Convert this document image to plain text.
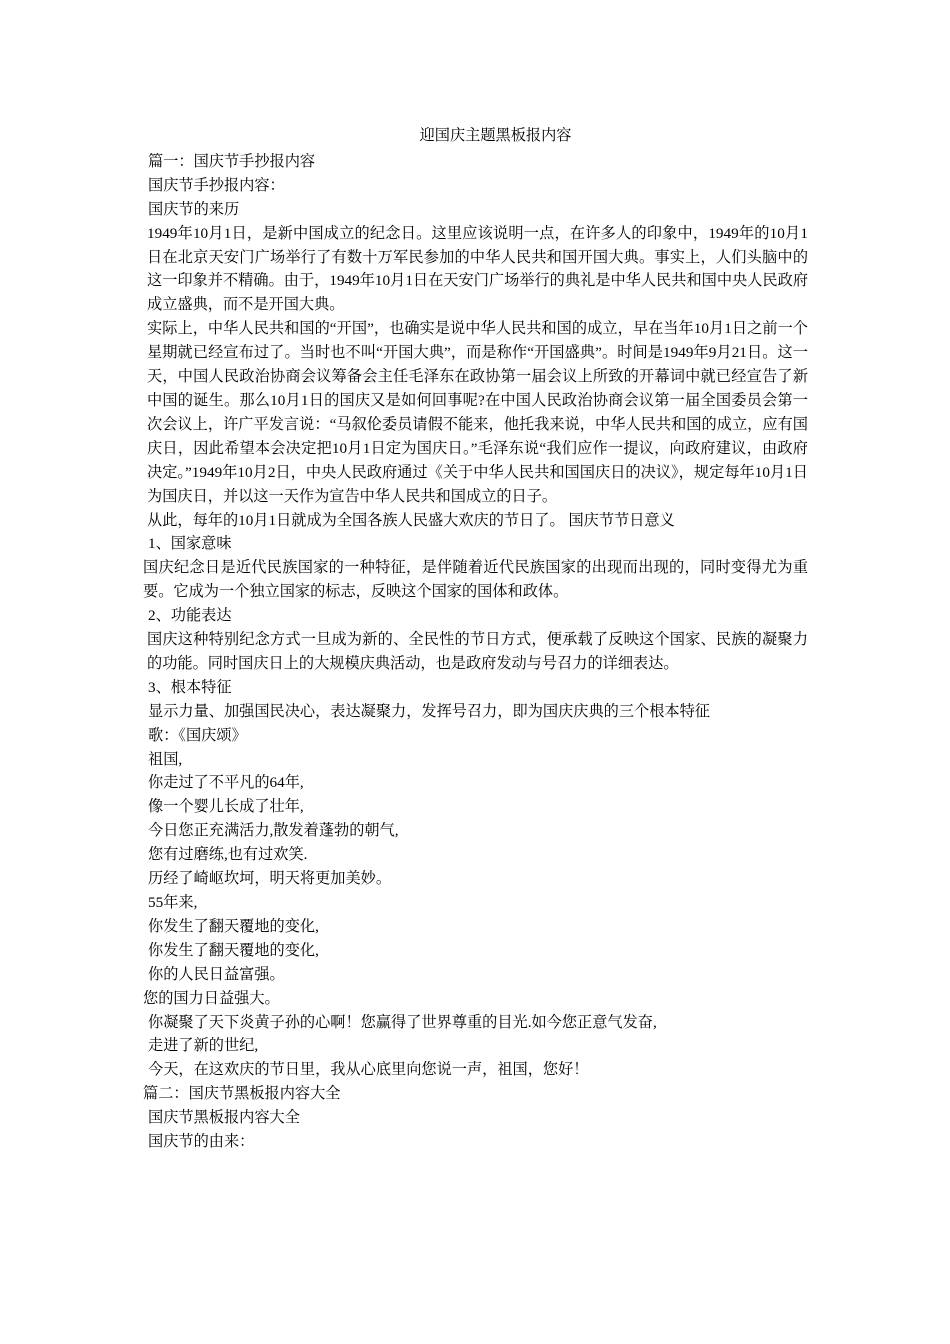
迎国庆主题黑板报内容
篇一：国庆节手抄报内容
国庆节手抄报内容：
国庆节的来历
1949年10月1日，是新中国成立的纪念日。这里应该说明一点，在许多人的印象中，1949年的10月1日在北京天安门广场举行了有数十万军民参加的中华人民共和国开国大典。事实上，人们头脑中的这一印象并不精确。由于，1949年10月1日在天安门广场举行的典礼是中华人民共和国中央人民政府成立盛典，而不是开国大典。
实际上，中华人民共和国的“开国”，也确实是说中华人民共和国的成立，早在当年10月1日之前一个星期就已经宣布过了。当时也不叫“开国大典”，而是称作“开国盛典”。时间是1949年9月21日。这一天，中国人民政治协商会议筹备会主任毛泽东在政协第一届会议上所致的开幕词中就已经宣告了新中国的诞生。那么10月1日的国庆又是如何回事呢?在中国人民政治协商会议第一届全国委员会第一次会议上，许广平发言说：“马叙伦委员请假不能来，他托我来说，中华人民共和国的成立，应有国庆日，因此希望本会决定把10月1日定为国庆日。”毛泽东说“我们应作一提议，向政府建议，由政府决定。”1949年10月2日，中央人民政府通过《关于中华人民共和国国庆日的决议》，规定每年10月1日为国庆日，并以这一天作为宣告中华人民共和国成立的日子。
从此，每年的10月1日就成为全国各族人民盛大欢庆的节日了。 国庆节节日意义
1、国家意味
国庆纪念日是近代民族国家的一种特征，是伴随着近代民族国家的出现而出现的，同时变得尤为重要。它成为一个独立国家的标志，反映这个国家的国体和政体。
2、功能表达
国庆这种特别纪念方式一旦成为新的、全民性的节日方式，便承载了反映这个国家、民族的凝聚力的功能。同时国庆日上的大规模庆典活动，也是政府发动与号召力的详细表达。
3、根本特征
显示力量、加强国民决心，表达凝聚力，发挥号召力，即为国庆庆典的三个根本特征
歌：《国庆颂》
祖国,
你走过了不平凡的64年,
像一个婴儿长成了壮年,
今日您正充满活力,散发着蓬勃的朝气,
您有过磨练,也有过欢笑.
历经了崎岖坎坷，明天将更加美妙。
55年来,
你发生了翻天覆地的变化,
你发生了翻天覆地的变化,
你的人民日益富强。
您的国力日益强大。
你凝聚了天下炎黄子孙的心啊！您赢得了世界尊重的目光.如今您正意气发奋,
走进了新的世纪,
今天，在这欢庆的节日里，我从心底里向您说一声，祖国，您好！
篇二：国庆节黑板报内容大全
国庆节黑板报内容大全
国庆节的由来：
